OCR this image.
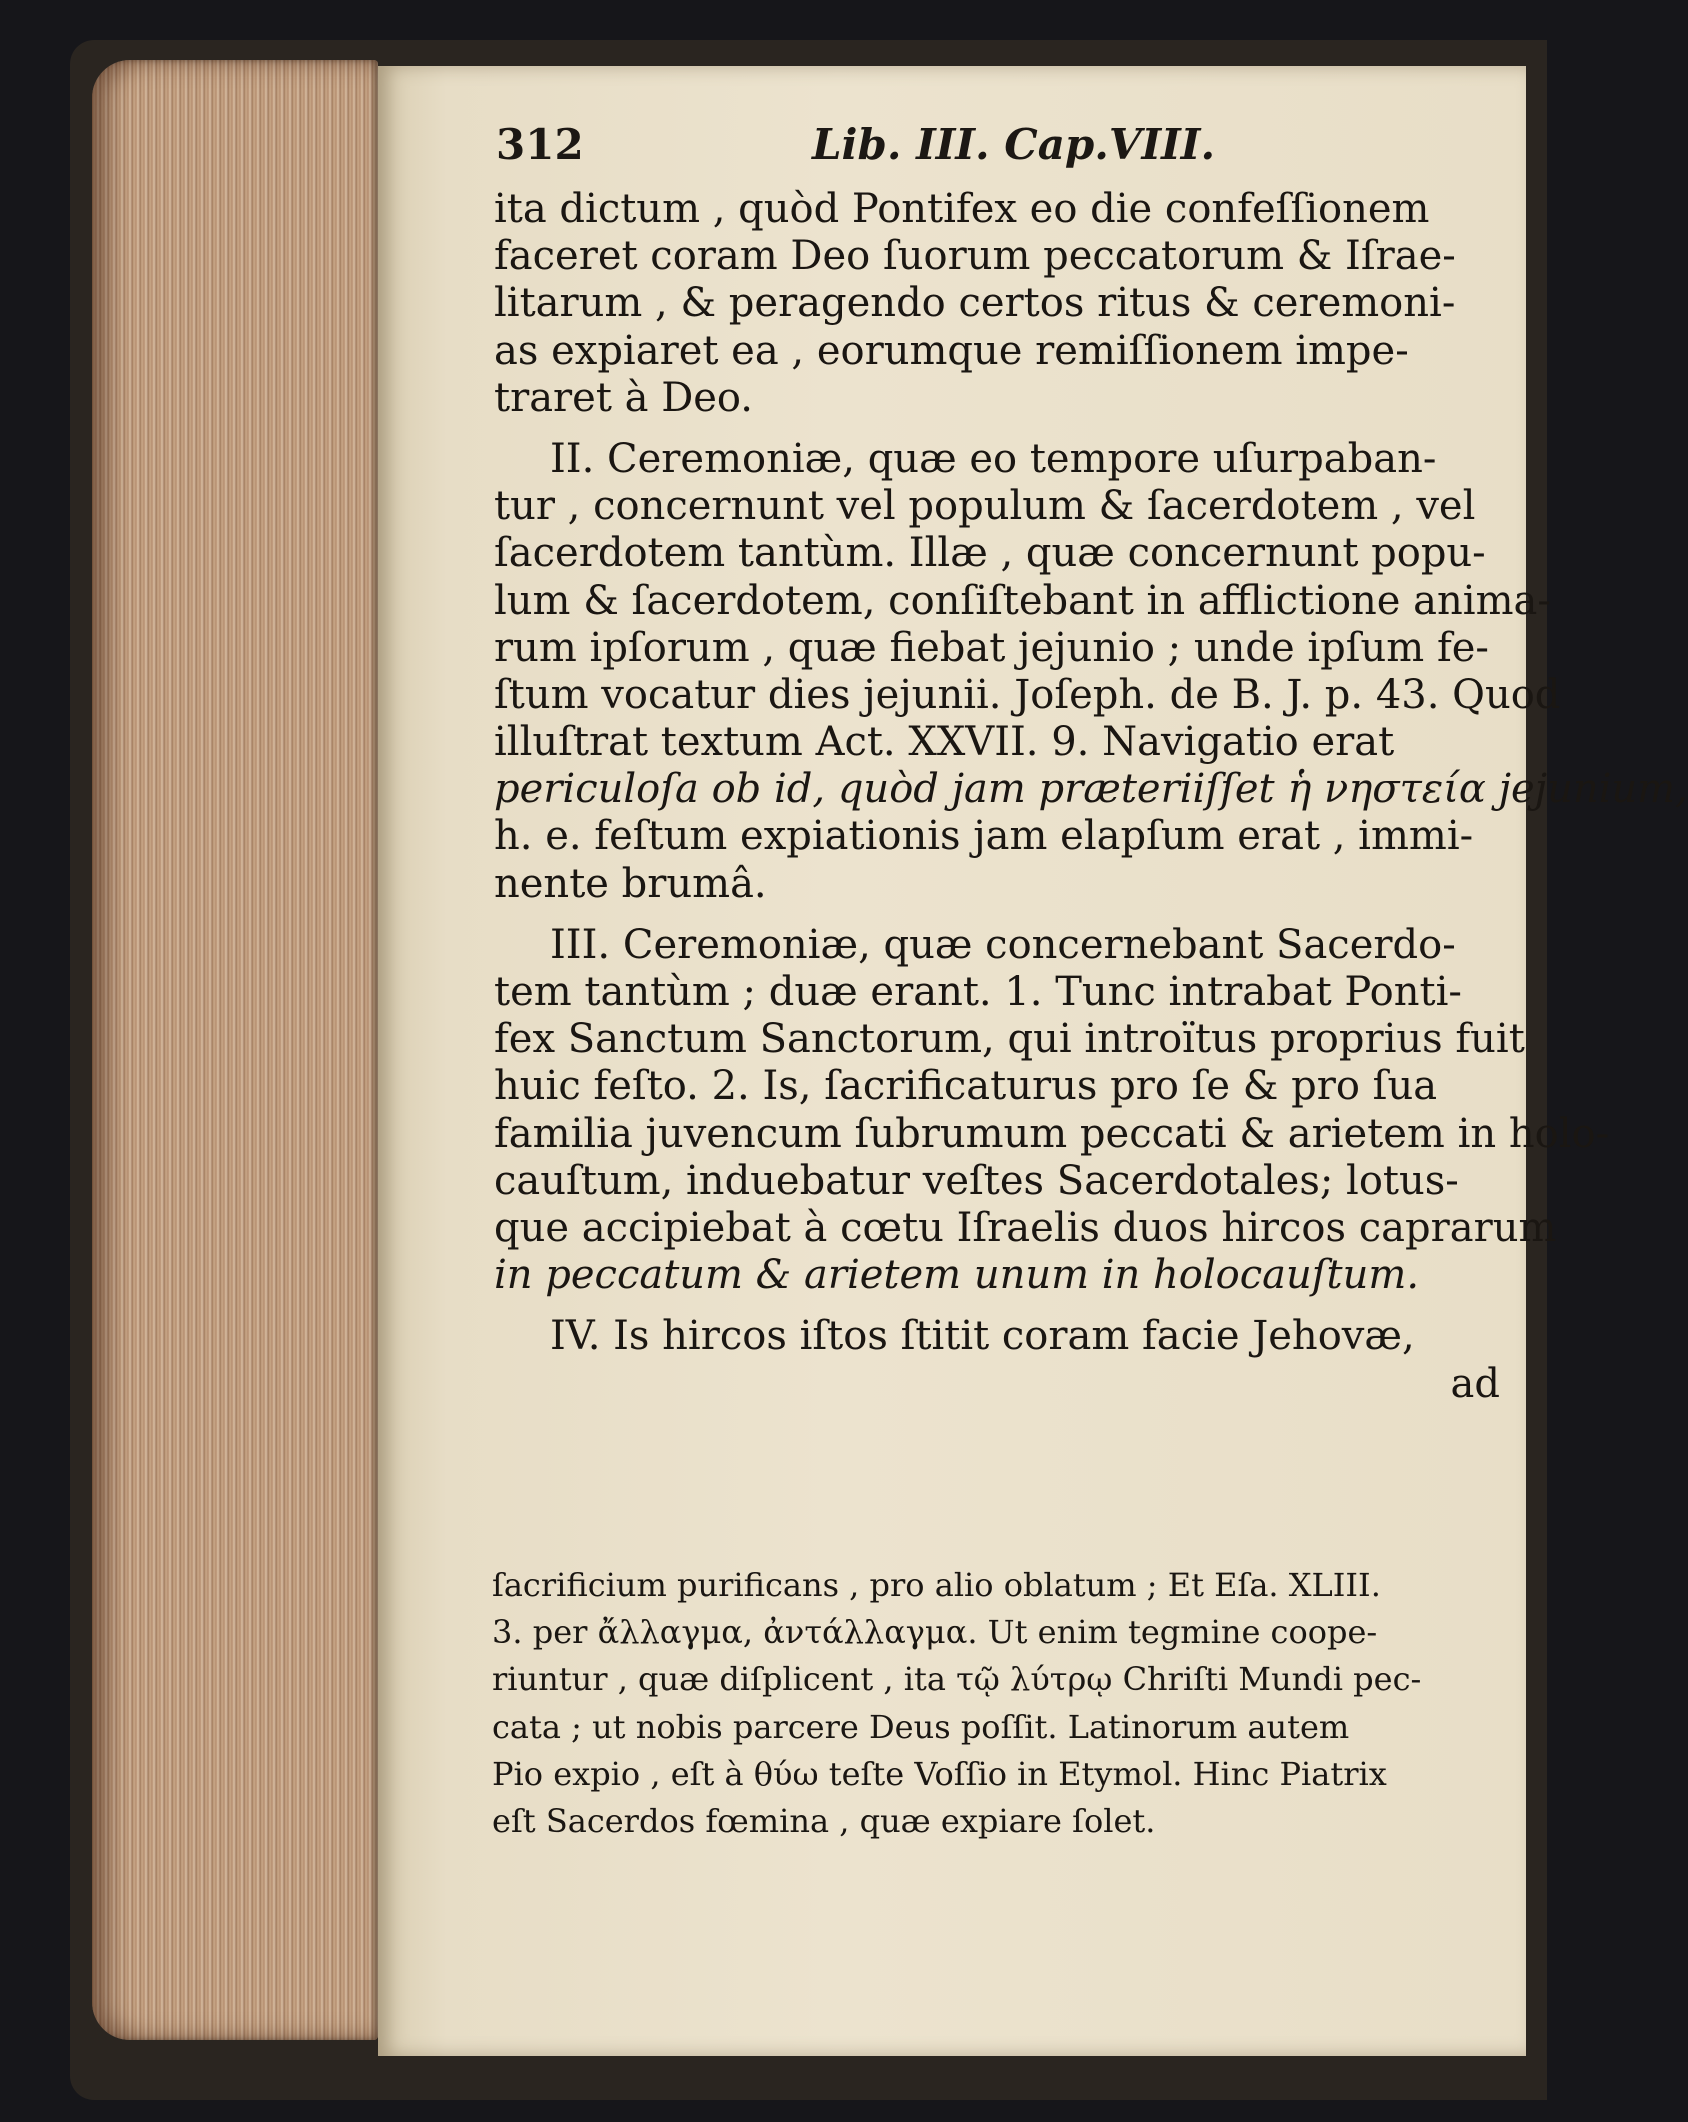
312	Lib. III. Cap.VIII.
ita dictum , quòd Pontifex eo die confeſſionem
faceret coram Deo ſuorum peccatorum & Iſrae-
litarum , & peragendo certos ritus & ceremoni-
as expiaret ea , eorumque remiſſionem impe-
traret à Deo.
II. Ceremoniæ, quæ eo tempore uſurpaban-
tur , concernunt vel populum & ſacerdotem , vel
ſacerdotem tantùm. Illæ , quæ concernunt popu-
lum & ſacerdotem, conſiſtebant in afflictione anima-
rum ipſorum , quæ fiebat jejunio ; unde ipſum fe-
ſtum vocatur dies jejunii. Joſeph. de B. J. p. 43. Quod
illuſtrat textum Act. XXVII. 9. Navigatio erat
periculoſa ob id, quòd jam præteriiſſet ἡ νηστεία jejunium,
h. e. feſtum expiationis jam elapſum erat , immi-
nente brumâ.
III. Ceremoniæ, quæ concernebant Sacerdo-
tem tantùm ; duæ erant. 1. Tunc intrabat Ponti-
fex Sanctum Sanctorum, qui introïtus proprius fuit
huic feſto. 2. Is, ſacrificaturus pro ſe & pro ſua
familia juvencum ſubrumum peccati & arietem in holo-
cauſtum, induebatur veſtes Sacerdotales; lotus-
que accipiebat à cœtu Iſraelis duos hircos caprarum
in peccatum & arietem unum in holocauſtum.
IV. Is hircos iſtos ſtitit coram facie Jehovæ,
ad
ſacrificium purificans , pro alio oblatum ; Et Eſa. XLIII.
3. per ἄλλαγμα, ἀντάλλαγμα. Ut enim tegmine coope-
riuntur , quæ diſplicent , ita τῷ λύτρῳ Chriſti Mundi pec-
cata ; ut nobis parcere Deus poſſit. Latinorum autem
Pio expio , eſt à θύω teſte Voſſio in Etymol. Hinc Piatrix
eſt Sacerdos fœmina , quæ expiare ſolet.
